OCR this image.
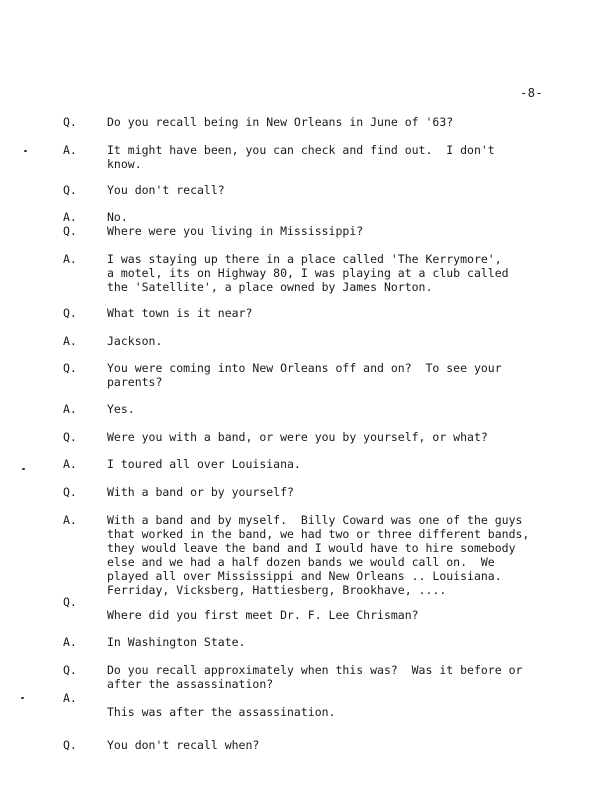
-8-
Q.	Do you recall being in New Orleans in June of '63?
A.	It might have been, you can check and find out.  I don't
know.
Q.	You don't recall?
A.	No.
Q.	Where were you living in Mississippi?
A.	I was staying up there in a place called 'The Kerrymore',
a motel, its on Highway 80, I was playing at a club called
the 'Satellite', a place owned by James Norton.
Q.	What town is it near?
A.	Jackson.
Q.	You were coming into New Orleans off and on?  To see your
parents?
A.	Yes.
Q.	Were you with a band, or were you by yourself, or what?
A.	I toured all over Louisiana.
Q.	With a band or by yourself?
A.	With a band and by myself.  Billy Coward was one of the guys
that worked in the band, we had two or three different bands,
they would leave the band and I would have to hire somebody
else and we had a half dozen bands we would call on.  We
played all over Mississippi and New Orleans .. Louisiana.
Ferriday, Vicksberg, Hattiesberg, Brookhave, ....
Q.
Where did you first meet Dr. F. Lee Chrisman?
A.	In Washington State.
Q.	Do you recall approximately when this was?  Was it before or
after the assassination?
A.
This was after the assassination.
Q.	You don't recall when?
